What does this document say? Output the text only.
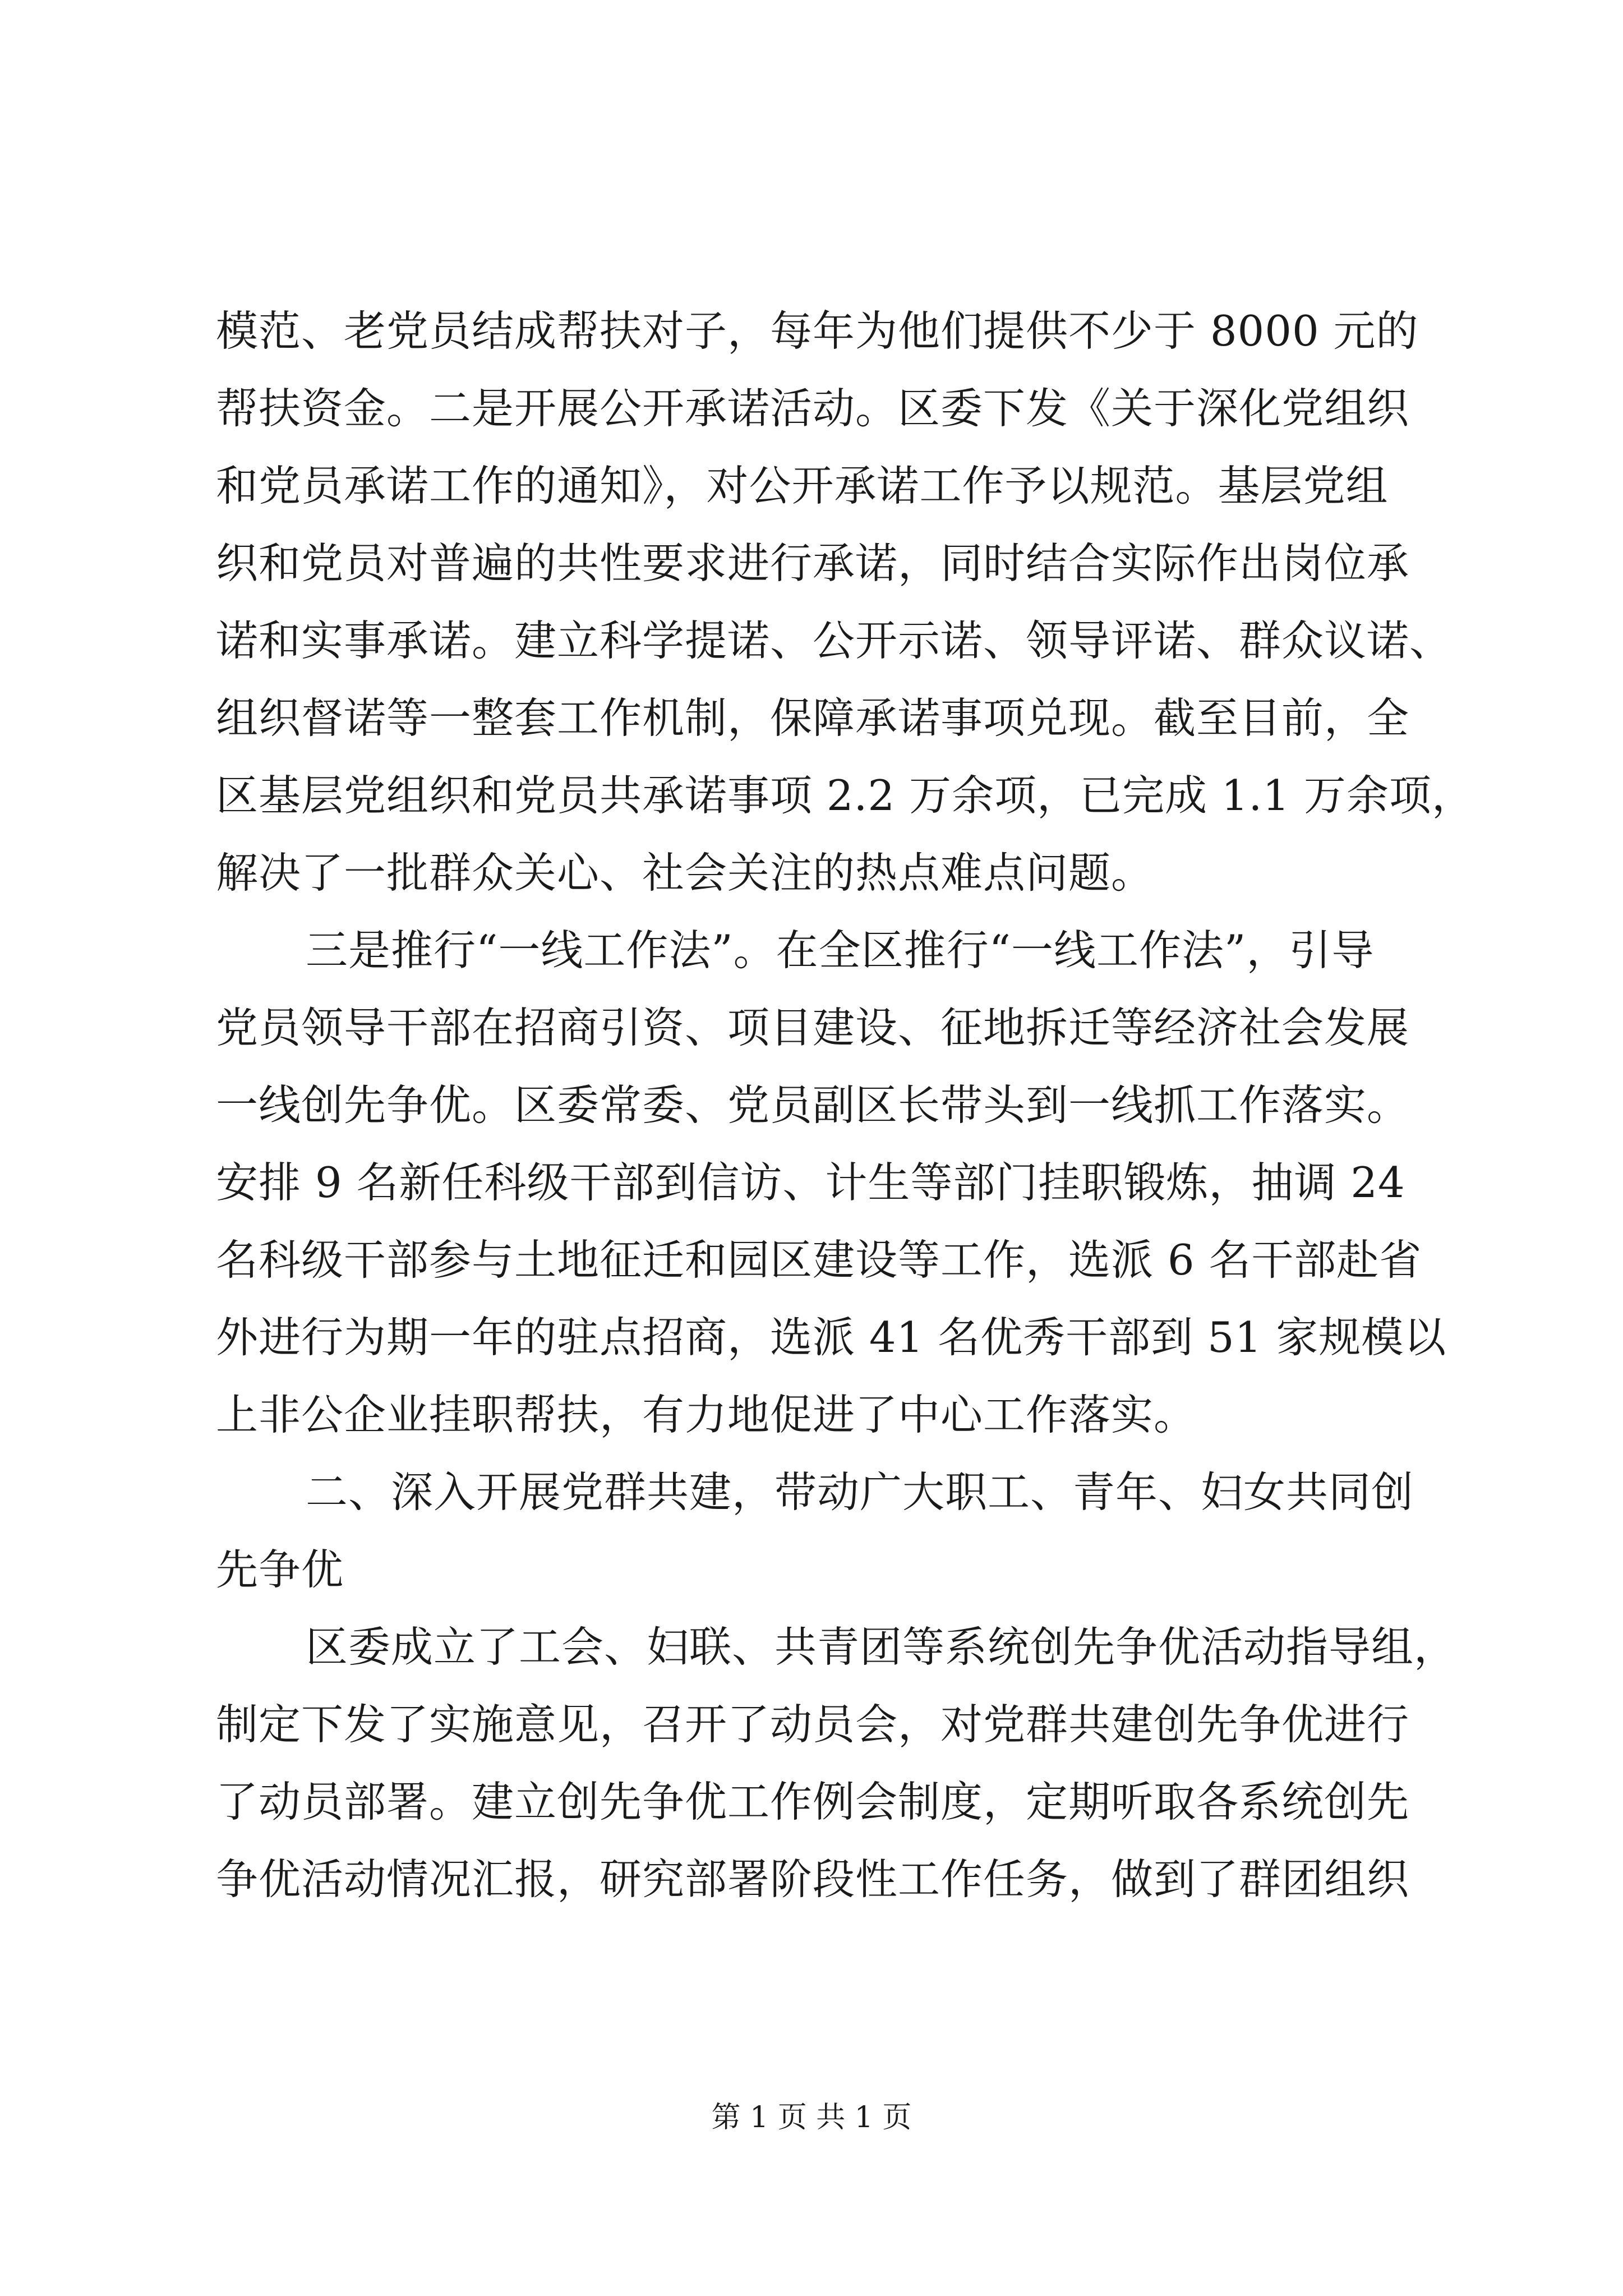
模范、老党员结成帮扶对子，每年为他们提供不少于 8000 元的
帮扶资金。二是开展公开承诺活动。区委下发《关于深化党组织
和党员承诺工作的通知》，对公开承诺工作予以规范。基层党组
织和党员对普遍的共性要求进行承诺，同时结合实际作出岗位承
诺和实事承诺。建立科学提诺、公开示诺、领导评诺、群众议诺、
组织督诺等一整套工作机制，保障承诺事项兑现。截至目前，全
区基层党组织和党员共承诺事项 2.2 万余项，已完成 1.1 万余项，
解决了一批群众关心、社会关注的热点难点问题。
三是推行“一线工作法”。在全区推行“一线工作法”，引导
党员领导干部在招商引资、项目建设、征地拆迁等经济社会发展
一线创先争优。区委常委、党员副区长带头到一线抓工作落实。
安排 9 名新任科级干部到信访、计生等部门挂职锻炼，抽调 24
名科级干部参与土地征迁和园区建设等工作，选派 6 名干部赴省
外进行为期一年的驻点招商，选派 41 名优秀干部到 51 家规模以
上非公企业挂职帮扶，有力地促进了中心工作落实。
二、深入开展党群共建，带动广大职工、青年、妇女共同创
先争优
区委成立了工会、妇联、共青团等系统创先争优活动指导组，
制定下发了实施意见，召开了动员会，对党群共建创先争优进行
了动员部署。建立创先争优工作例会制度，定期听取各系统创先
争优活动情况汇报，研究部署阶段性工作任务，做到了群团组织
第 1 页 共 1 页
